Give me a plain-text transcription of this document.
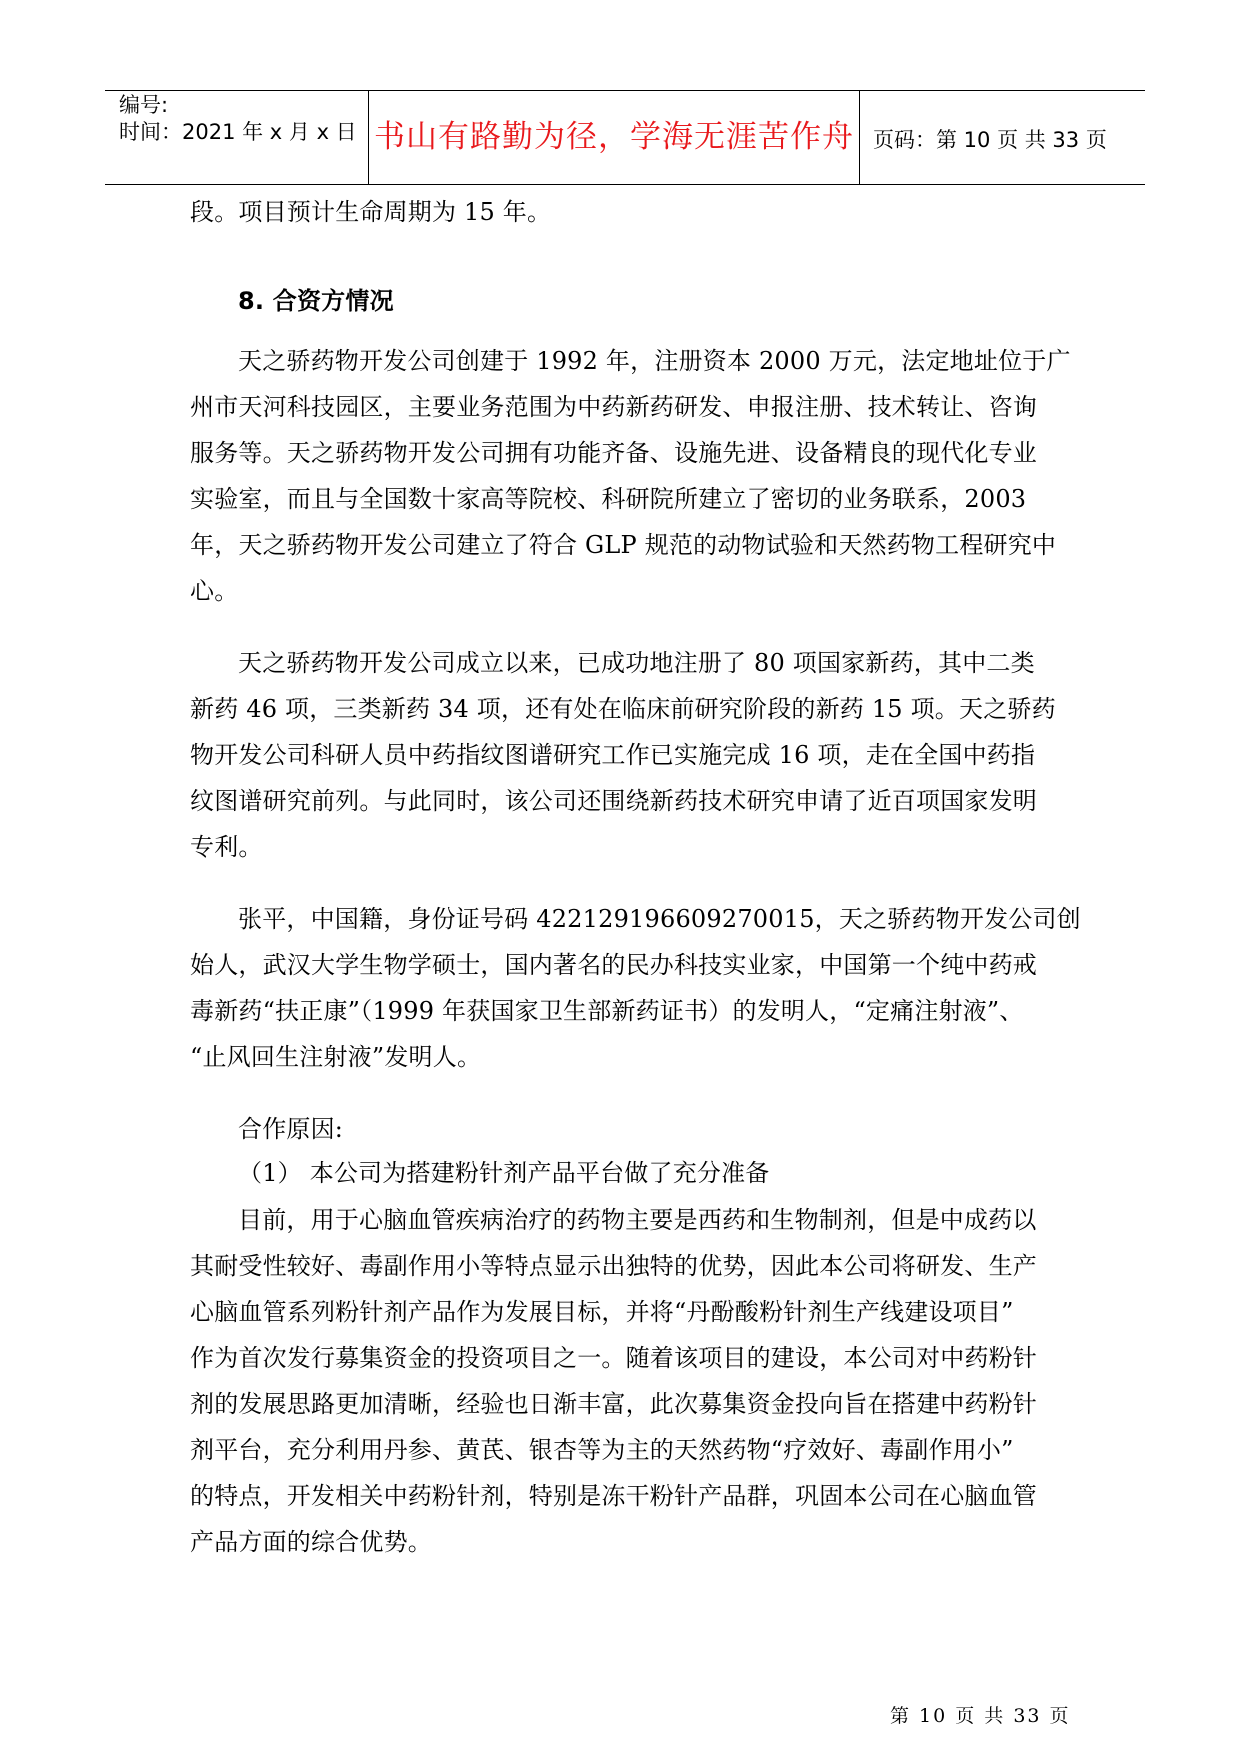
编号:
时间：2021 年 x 月 x 日 书山有路勤为径，学海无涯苦作舟 页码：第 10 页 共 33 页
段。项目预计生命周期为 15 年。
8. 合资方情况
天之骄药物开发公司创建于 1992 年，注册资本 2000 万元，法定地址位于广
州市天河科技园区，主要业务范围为中药新药研发、申报注册、技术转让、咨询
服务等。天之骄药物开发公司拥有功能齐备、设施先进、设备精良的现代化专业
实验室，而且与全国数十家高等院校、科研院所建立了密切的业务联系，2003
年，天之骄药物开发公司建立了符合 GLP 规范的动物试验和天然药物工程研究中
心。
天之骄药物开发公司成立以来，已成功地注册了 80 项国家新药，其中二类
新药 46 项，三类新药 34 项，还有处在临床前研究阶段的新药 15 项。天之骄药
物开发公司科研人员中药指纹图谱研究工作已实施完成 16 项，走在全国中药指
纹图谱研究前列。与此同时，该公司还围绕新药技术研究申请了近百项国家发明
专利。
张平，中国籍，身份证号码 422129196609270015，天之骄药物开发公司创
始人，武汉大学生物学硕士，国内著名的民办科技实业家，中国第一个纯中药戒
毒新药“扶正康”（1999 年获国家卫生部新药证书）的发明人，“定痛注射液”、
“止风回生注射液”发明人。
合作原因:
（1） 本公司为搭建粉针剂产品平台做了充分准备
目前，用于心脑血管疾病治疗的药物主要是西药和生物制剂，但是中成药以
其耐受性较好、毒副作用小等特点显示出独特的优势，因此本公司将研发、生产
心脑血管系列粉针剂产品作为发展目标，并将“丹酚酸粉针剂生产线建设项目”
作为首次发行募集资金的投资项目之一。随着该项目的建设，本公司对中药粉针
剂的发展思路更加清晰，经验也日渐丰富，此次募集资金投向旨在搭建中药粉针
剂平台，充分利用丹参、黄芪、银杏等为主的天然药物“疗效好、毒副作用小”
的特点，开发相关中药粉针剂，特别是冻干粉针产品群，巩固本公司在心脑血管
产品方面的综合优势。
第 10 页 共 33 页
